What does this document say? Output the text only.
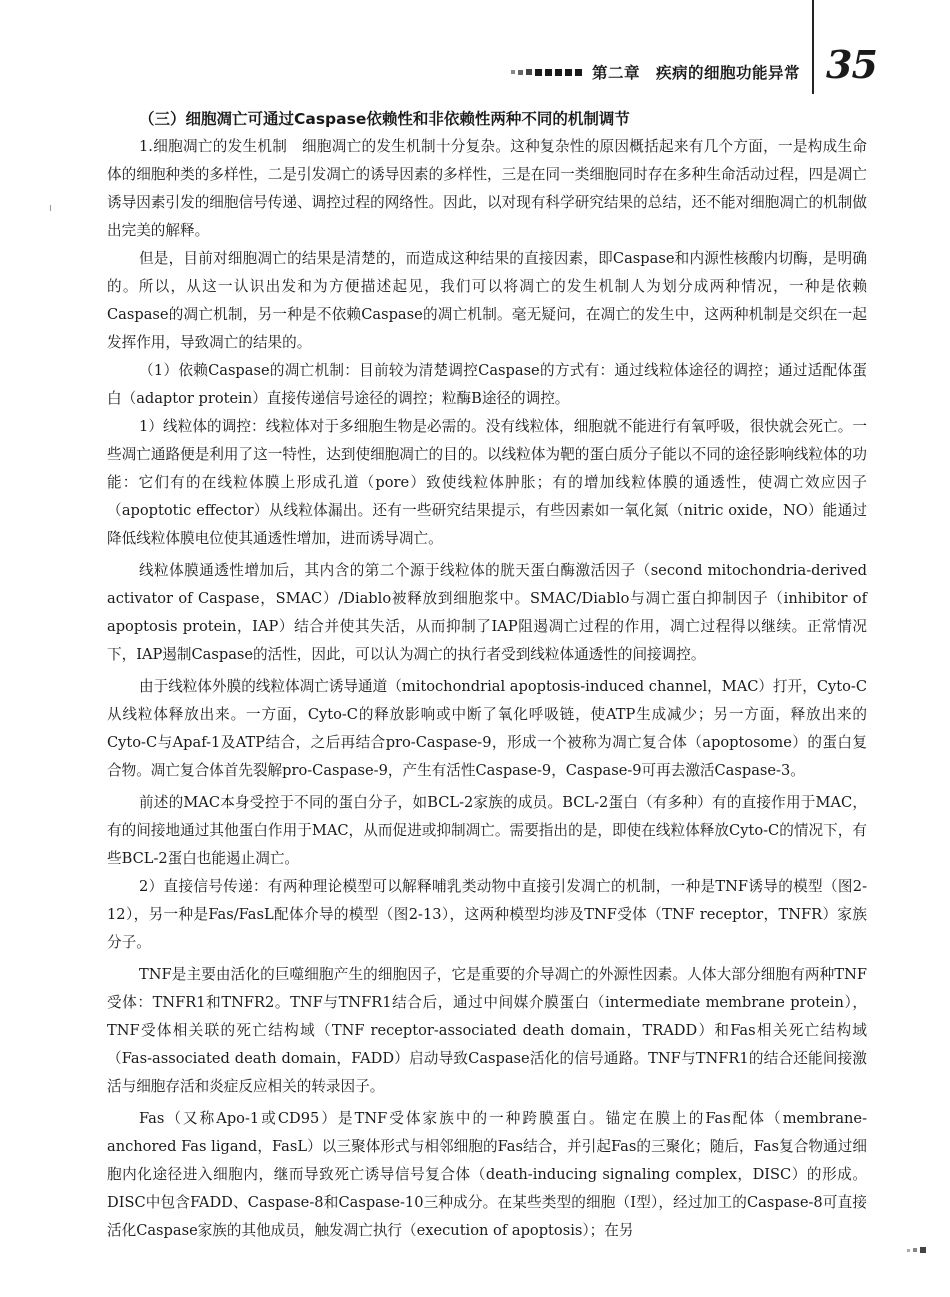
第二章　疾病的细胞功能异常 35

（三）细胞凋亡可通过Caspase依赖性和非依赖性两种不同的机制调节

1.细胞凋亡的发生机制　细胞凋亡的发生机制十分复杂。这种复杂性的原因概括起来有几个方面，一是构成生命体的细胞种类的多样性，二是引发凋亡的诱导因素的多样性，三是在同一类细胞同时存在多种生命活动过程，四是凋亡诱导因素引发的细胞信号传递、调控过程的网络性。因此，以对现有科学研究结果的总结，还不能对细胞凋亡的机制做出完美的解释。

但是，目前对细胞凋亡的结果是清楚的，而造成这种结果的直接因素，即Caspase和内源性核酸内切酶，是明确的。所以，从这一认识出发和为方便描述起见，我们可以将凋亡的发生机制人为划分成两种情况，一种是依赖Caspase的凋亡机制，另一种是不依赖Caspase的凋亡机制。毫无疑问，在凋亡的发生中，这两种机制是交织在一起发挥作用，导致凋亡的结果的。

（1）依赖Caspase的凋亡机制：目前较为清楚调控Caspase的方式有：通过线粒体途径的调控；通过适配体蛋白（adaptor protein）直接传递信号途径的调控；粒酶B途径的调控。

1）线粒体的调控：线粒体对于多细胞生物是必需的。没有线粒体，细胞就不能进行有氧呼吸，很快就会死亡。一些凋亡通路便是利用了这一特性，达到使细胞凋亡的目的。以线粒体为靶的蛋白质分子能以不同的途径影响线粒体的功能：它们有的在线粒体膜上形成孔道（pore）致使线粒体肿胀；有的增加线粒体膜的通透性，使凋亡效应因子（apoptotic effector）从线粒体漏出。还有一些研究结果提示，有些因素如一氧化氮（nitric oxide，NO）能通过降低线粒体膜电位使其通透性增加，进而诱导凋亡。

线粒体膜通透性增加后，其内含的第二个源于线粒体的胱天蛋白酶激活因子（second mitochondria-derived activator of Caspase，SMAC）/Diablo被释放到细胞浆中。SMAC/Diablo与凋亡蛋白抑制因子（inhibitor of apoptosis protein，IAP）结合并使其失活，从而抑制了IAP阻遏凋亡过程的作用，凋亡过程得以继续。正常情况下，IAP遏制Caspase的活性，因此，可以认为凋亡的执行者受到线粒体通透性的间接调控。

由于线粒体外膜的线粒体凋亡诱导通道（mitochondrial apoptosis-induced channel，MAC）打开，Cyto-C从线粒体释放出来。一方面，Cyto-C的释放影响或中断了氧化呼吸链，使ATP生成减少；另一方面，释放出来的Cyto-C与Apaf-1及ATP结合，之后再结合pro-Caspase-9，形成一个被称为凋亡复合体（apoptosome）的蛋白复合物。凋亡复合体首先裂解pro-Caspase-9，产生有活性Caspase-9，Caspase-9可再去激活Caspase-3。

前述的MAC本身受控于不同的蛋白分子，如BCL-2家族的成员。BCL-2蛋白（有多种）有的直接作用于MAC，有的间接地通过其他蛋白作用于MAC，从而促进或抑制凋亡。需要指出的是，即使在线粒体释放Cyto-C的情况下，有些BCL-2蛋白也能遏止凋亡。

2）直接信号传递：有两种理论模型可以解释哺乳类动物中直接引发凋亡的机制，一种是TNF诱导的模型（图2-12），另一种是Fas/FasL配体介导的模型（图2-13），这两种模型均涉及TNF受体（TNF receptor，TNFR）家族分子。

TNF是主要由活化的巨噬细胞产生的细胞因子，它是重要的介导凋亡的外源性因素。人体大部分细胞有两种TNF受体：TNFR1和TNFR2。TNF与TNFR1结合后，通过中间媒介膜蛋白（intermediate membrane protein），TNF受体相关联的死亡结构域（TNF receptor-associated death domain，TRADD）和Fas相关死亡结构域（Fas-associated death domain，FADD）启动导致Caspase活化的信号通路。TNF与TNFR1的结合还能间接激活与细胞存活和炎症反应相关的转录因子。

Fas（又称Apo-1或CD95）是TNF受体家族中的一种跨膜蛋白。锚定在膜上的Fas配体（membrane-anchored Fas ligand，FasL）以三聚体形式与相邻细胞的Fas结合，并引起Fas的三聚化；随后，Fas复合物通过细胞内化途径进入细胞内，继而导致死亡诱导信号复合体（death-inducing signaling complex，DISC）的形成。DISC中包含FADD、Caspase-8和Caspase-10三种成分。在某些类型的细胞（Ⅰ型），经过加工的Caspase-8可直接活化Caspase家族的其他成员，触发凋亡执行（execution of apoptosis）；在另
